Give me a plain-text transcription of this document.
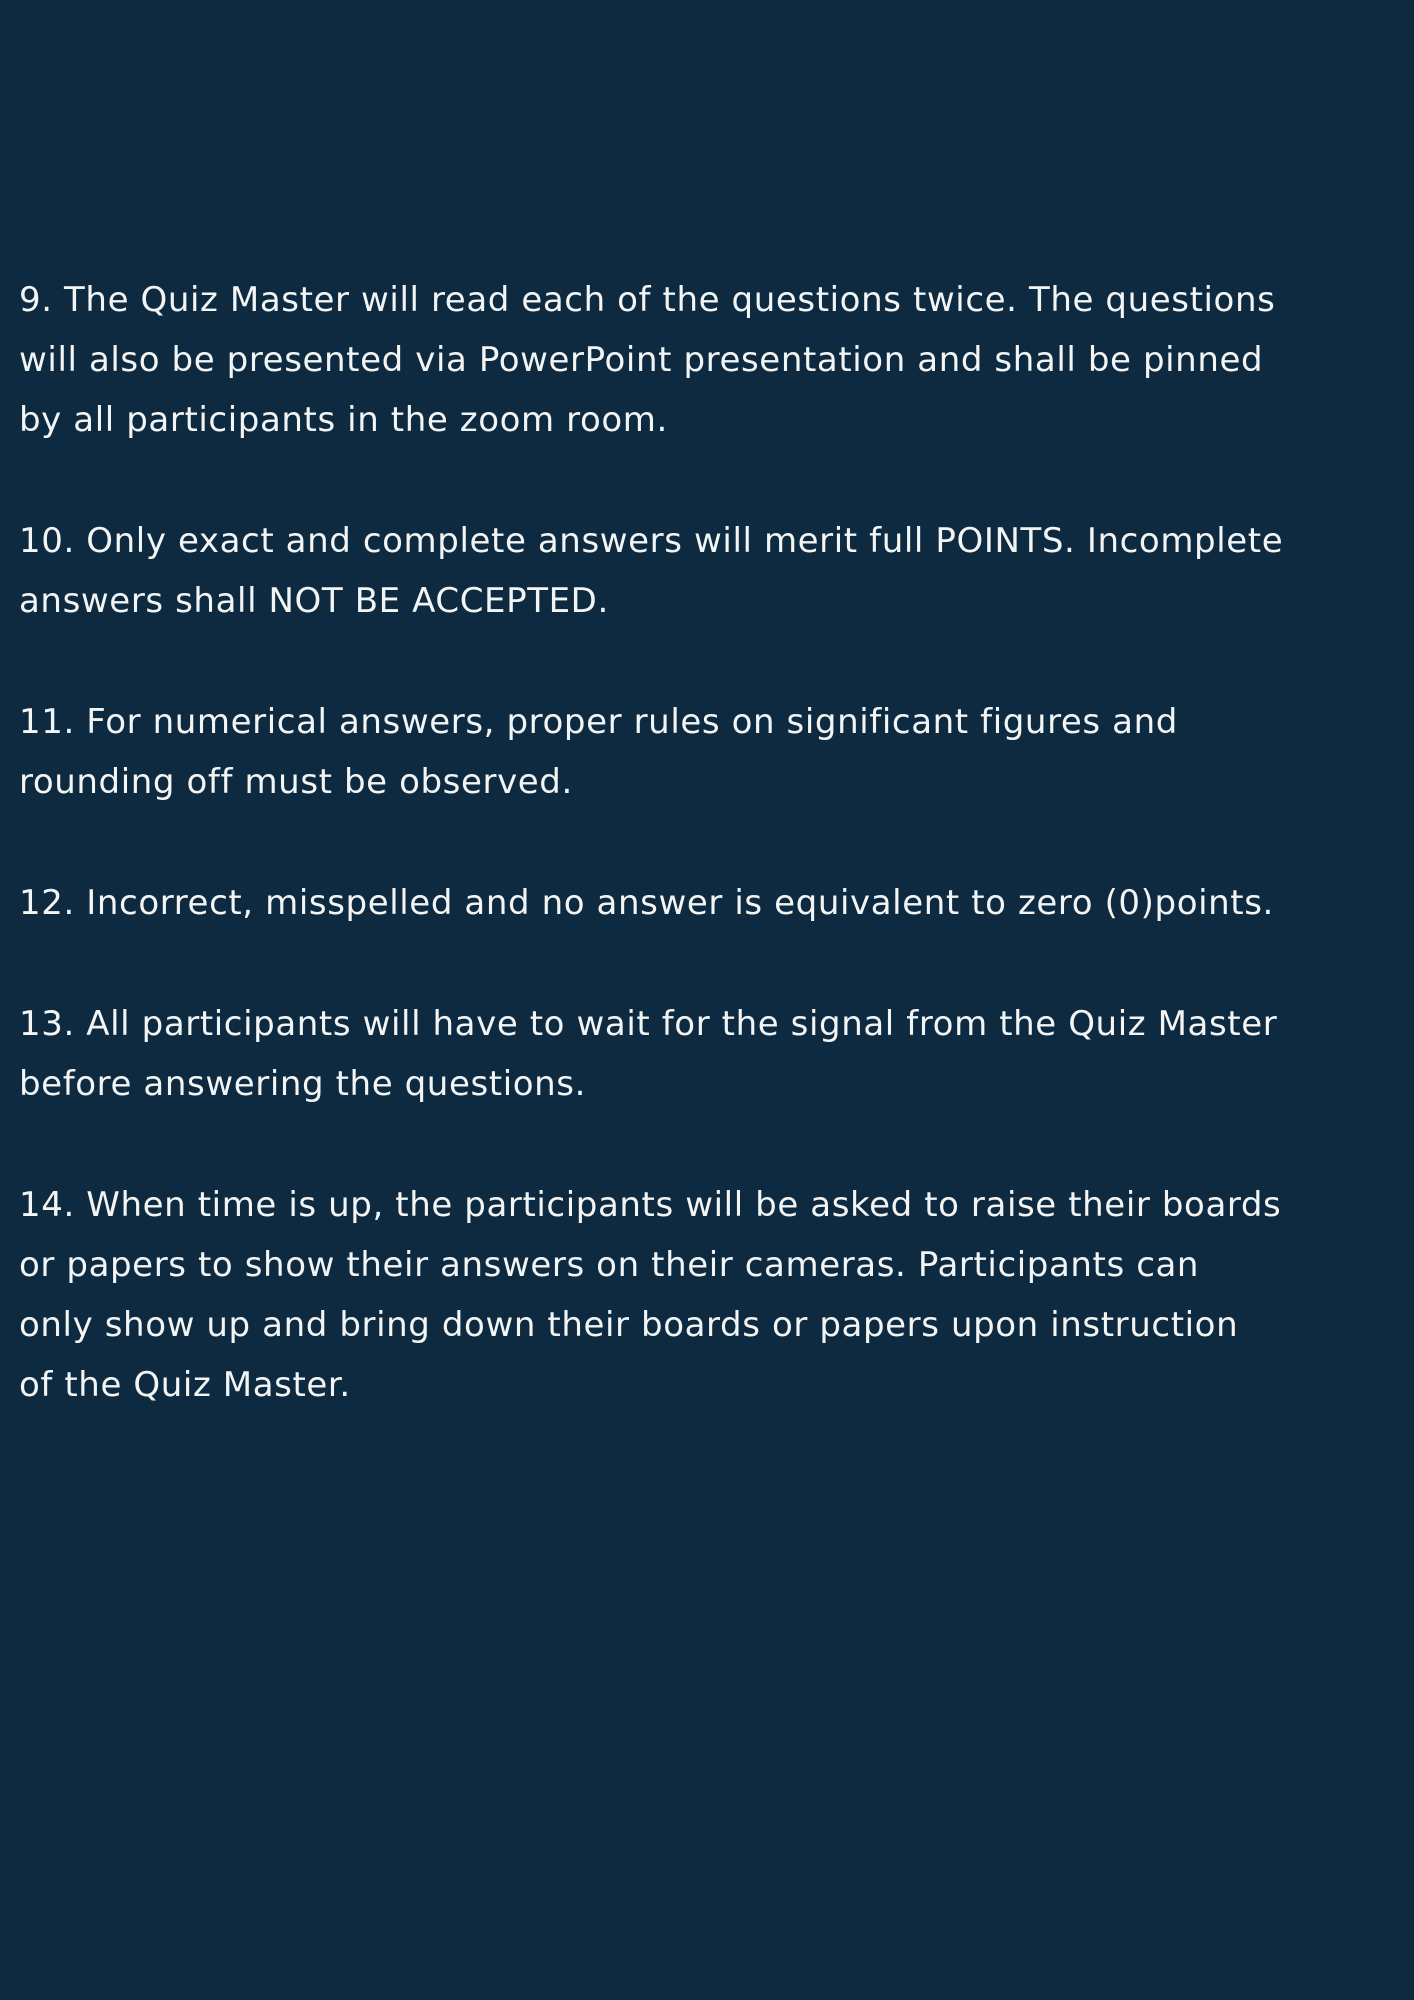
9. The Quiz Master will read each of the questions twice. The questions
will also be presented via PowerPoint presentation and shall be pinned
by all participants in the zoom room.

10. Only exact and complete answers will merit full POINTS. Incomplete
answers shall NOT BE ACCEPTED.

11. For numerical answers, proper rules on significant figures and
rounding off must be observed.

12. Incorrect, misspelled and no answer is equivalent to zero (0)points.

13. All participants will have to wait for the signal from the Quiz Master
before answering the questions.

14. When time is up, the participants will be asked to raise their boards
or papers to show their answers on their cameras. Participants can
only show up and bring down their boards or papers upon instruction
of the Quiz Master.
